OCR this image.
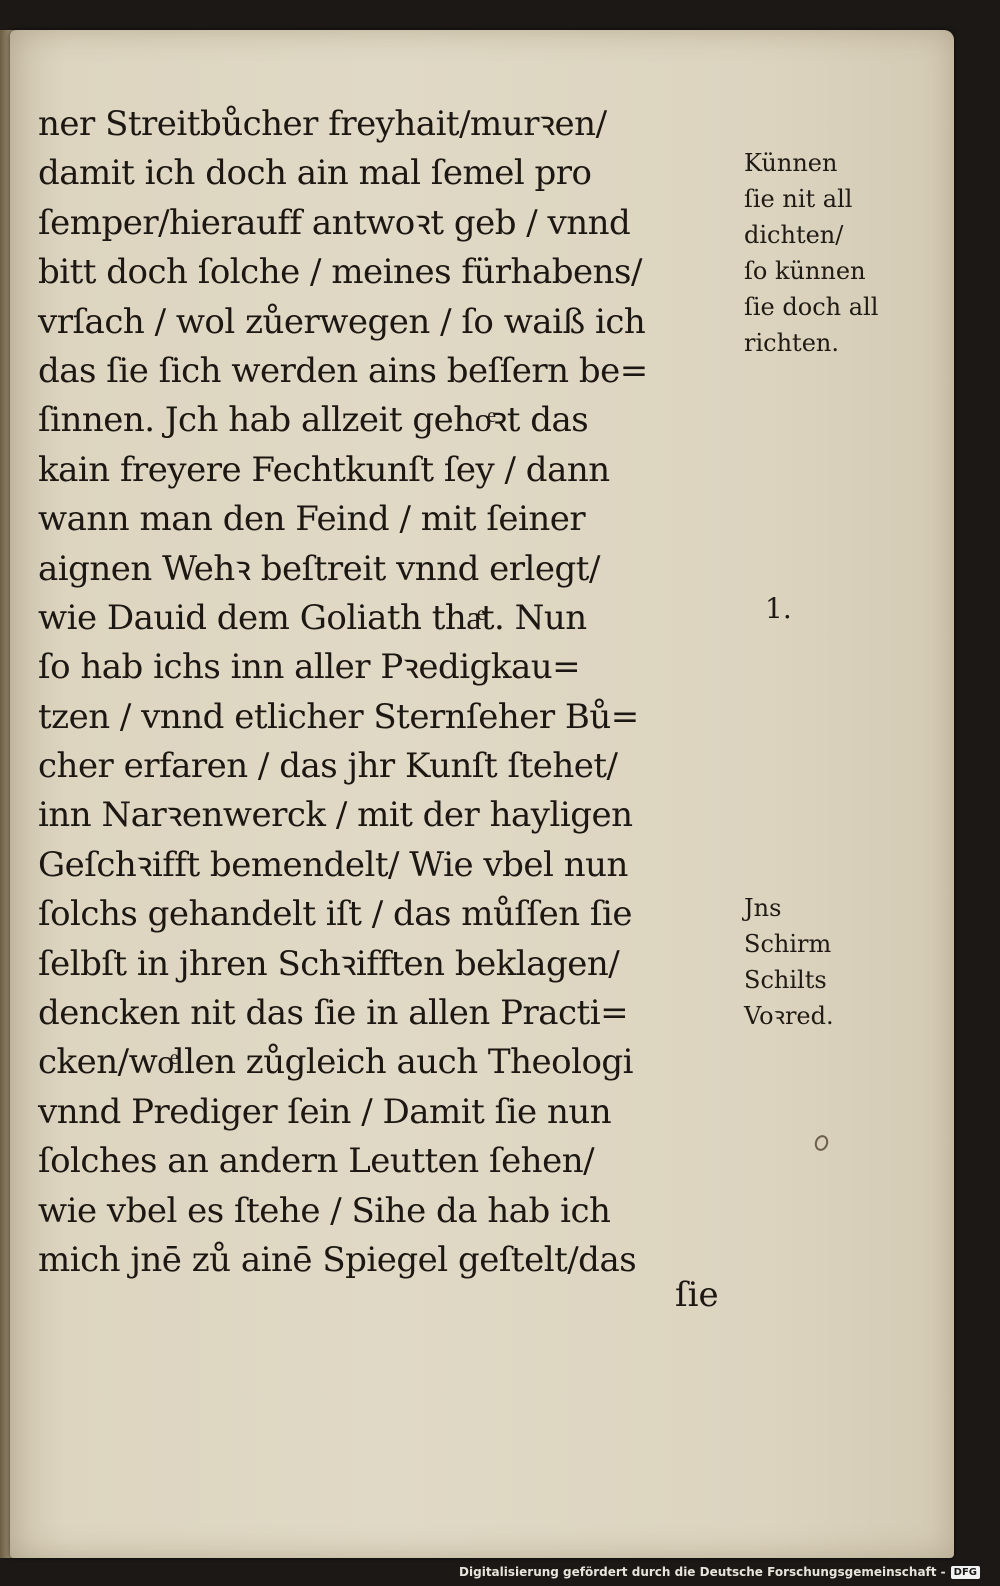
ner Streitbůcher freyhait/murꝛen/
damit ich doch ain mal ſemel pro
ſemper/hierauff antwoꝛt geb / vnnd
bitt doch ſolche / meines fürhabens/
vrſach / wol zůerwegen / ſo waiß ich
das ſie ſich werden ains beſſern be=
ſinnen. Jch hab allzeit gehoͤꝛt das
kain freyere Fechtkunſt ſey / dann
wann man den Feind / mit ſeiner
aignen Wehꝛ beſtreit vnnd erlegt/
wie Dauid dem Goliath thaͤt. Nun
ſo hab ichs inn aller Pꝛedigkau=
tzen / vnnd etlicher Sternſeher Bů=
cher erfaren / das jhr Kunſt ſtehet/
inn Narꝛenwerck / mit der hayligen
Geſchꝛifft bemendelt/ Wie vbel nun
ſolchs gehandelt iſt / das můſſen ſie
ſelbſt in jhren Schꝛifften beklagen/
dencken nit das ſie in allen Practi=
cken/woͤllen zůgleich auch Theologi
vnnd Prediger ſein / Damit ſie nun
ſolches an andern Leutten ſehen/
wie vbel es ſtehe / Sihe da hab ich
mich jnē zů ainē Spiegel geſtelt/das
ſie
Künnen
ſie nit all
dichten/
ſo künnen
ſie doch all
richten.
1.
Jns
Schirm
Schilts
Voꝛred.
Digitalisierung gefördert durch die Deutsche Forschungsgemeinschaft - DFG
